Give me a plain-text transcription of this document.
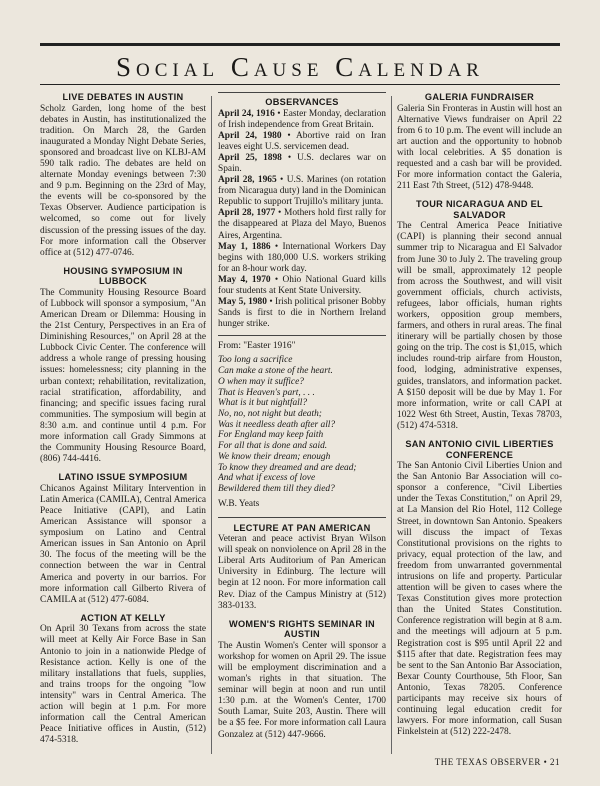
Social Cause Calendar
LIVE DEBATES IN AUSTIN

Scholz Garden, long home of the best debates in Austin, has institutionalized the tradition. On March 28, the Garden inaugurated a Monday Night Debate Series, sponsored and broadcast live on KLBJ-AM 590 talk radio. The debates are held on alternate Monday evenings between 7:30 and 9 p.m. Beginning on the 23rd of May, the events will be co-sponsored by the Texas Observer. Audience participation is welcomed, so come out for lively discussion of the pressing issues of the day. For more information call the Observer office at (512) 477-0746.

HOUSING SYMPOSIUM IN LUBBOCK

The Community Housing Resource Board of Lubbock will sponsor a symposium, "An American Dream or Dilemma: Housing in the 21st Century, Perspectives in an Era of Diminishing Resources," on April 28 at the Lubbock Civic Center. The conference will address a whole range of pressing housing issues: homelessness; city planning in the urban context; rehabilitation, revitalization, racial stratification, affordability, and financing; and specific issues facing rural communities. The symposium will begin at 8:30 a.m. and continue until 4 p.m. For more information call Grady Simmons at the Community Housing Resource Board, (806) 744-4416.

LATINO ISSUE SYMPOSIUM

Chicanos Against Military Intervention in Latin America (CAMILA), Central America Peace Initiative (CAPI), and Latin American Assistance will sponsor a symposium on Latino and Central American issues in San Antonio on April 30. The focus of the meeting will be the connection between the war in Central America and poverty in our barrios. For more information call Gilberto Rivera of CAMILA at (512) 477-6084.

ACTION AT KELLY

On April 30 Texans from across the state will meet at Kelly Air Force Base in San Antonio to join in a nationwide Pledge of Resistance action. Kelly is one of the military installations that fuels, supplies, and trains troops for the ongoing "low intensity" wars in Central America. The action will begin at 1 p.m. For more information call the Central American Peace Initiative offices in Austin, (512) 474-5318.

OBSERVANCES

April 24, 1916 • Easter Monday, declaration of Irish independence from Great Britain.

April 24, 1980 • Abortive raid on Iran leaves eight U.S. servicemen dead.

April 25, 1898 • U.S. declares war on Spain.

April 28, 1965 • U.S. Marines (on rotation from Nicaragua duty) land in the Dominican Republic to support Trujillo's military junta.

April 28, 1977 • Mothers hold first rally for the disappeared at Plaza del Mayo, Buenos Aires, Argentina.

May 1, 1886 • International Workers Day begins with 180,000 U.S. workers striking for an 8-hour work day.

May 4, 1970 • Ohio National Guard kills four students at Kent State University.

May 5, 1980 • Irish political prisoner Bobby Sands is first to die in Northern Ireland hunger strike.

From: "Easter 1916"

Too long a sacrifice

Can make a stone of the heart.

O when may it suffice?

That is Heaven's part, . . .

What is it but nightfall?

No, no, not night but death;

Was it needless death after all?

For England may keep faith

For all that is done and said.

We know their dream; enough

To know they dreamed and are dead;

And what if excess of love

Bewildered them till they died?

W.B. Yeats

LECTURE AT PAN AMERICAN

Veteran and peace activist Bryan Wilson will speak on nonviolence on April 28 in the Liberal Arts Auditorium of Pan American University in Edinburg. The lecture will begin at 12 noon. For more information call Rev. Diaz of the Campus Ministry at (512) 383-0133.

WOMEN'S RIGHTS SEMINAR IN AUSTIN

The Austin Women's Center will sponsor a workshop for women on April 29. The issue will be employment discrimination and a woman's rights in that situation. The seminar will begin at noon and run until 1:30 p.m. at the Women's Center, 1700 South Lamar, Suite 203, Austin. There will be a $5 fee. For more information call Laura Gonzalez at (512) 447-9666.

GALERIA FUNDRAISER

Galeria Sin Fronteras in Austin will host an Alternative Views fundraiser on April 22 from 6 to 10 p.m. The event will include an art auction and the opportunity to hobnob with local celebrities. A $5 donation is requested and a cash bar will be provided. For more information contact the Galeria, 211 East 7th Street, (512) 478-9448.

TOUR NICARAGUA AND EL SALVADOR

The Central America Peace Initiative (CAPI) is planning their second annual summer trip to Nicaragua and El Salvador from June 30 to July 2. The traveling group will be small, approximately 12 people from across the Southwest, and will visit government officials, church activists, refugees, labor officials, human rights workers, opposition group members, farmers, and others in rural areas. The final itinerary will be partially chosen by those going on the trip. The cost is $1,015, which includes round-trip airfare from Houston, food, lodging, administrative expenses, guides, translators, and information packet. A $150 deposit will be due by May 1. For more information, write or call CAPI at 1022 West 6th Street, Austin, Texas 78703, (512) 474-5318.

SAN ANTONIO CIVIL LIBERTIES CONFERENCE

The San Antonio Civil Liberties Union and the San Antonio Bar Association will co-sponsor a conference, "Civil Liberties under the Texas Constitution," on April 29, at La Mansion del Rio Hotel, 112 College Street, in downtown San Antonio. Speakers will discuss the impact of Texas Constitutional provisions on the rights to privacy, equal protection of the law, and freedom from unwarranted governmental intrusions on life and property. Particular attention will be given to cases where the Texas Constitution gives more protection than the United States Constitution. Conference registration will begin at 8 a.m. and the meetings will adjourn at 5 p.m. Registration cost is $95 until April 22 and $115 after that date. Registration fees may be sent to the San Antonio Bar Association, Bexar County Courthouse, 5th Floor, San Antonio, Texas 78205. Conference participants may receive six hours of continuing legal education credit for lawyers. For more information, call Susan Finkelstein at (512) 222-2478.

THE TEXAS OBSERVER • 21
